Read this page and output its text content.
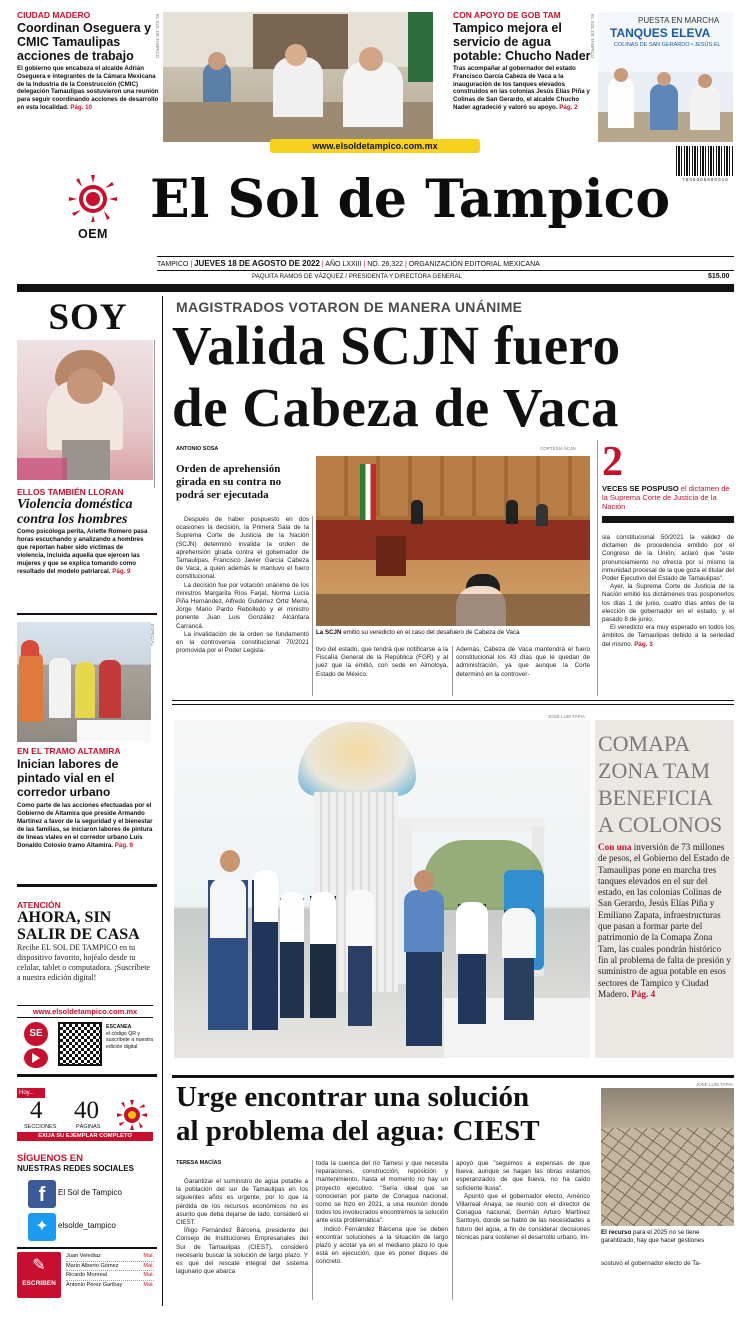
CIUDAD MADERO
Coordinan Oseguera y CMIC Tamaulipas acciones de trabajo
El gobierno que encabeza el alcalde Adrián Oseguera e integrantes de la Cámara Mexicana de la Industria de la Construcción (CMIC) delegación Tamaulipas sostuvieron una reunión para seguir coordinando acciones de desarrollo en esta localidad. Pág. 10
EL SOL DE TAMPICO	CON APOYO DE GOB TAM
Tampico mejora el servicio de agua potable: Chucho Nader
Tras acompañar al gobernador del estado Francisco García Cabeza de Vaca a la inauguración de los tanques elevados construidos en las colonias Jesús Elías Piña y Colinas de San Gerardo, el alcalde Chucho Nader agradeció y valoró su apoyo. Pág. 2
EL SOL DE TAMPICO	PUESTA EN MARCHA
TANQUES ELEVA
COLINAS DE SAN GERARDO • JESÚS EL
www.elsoldetampico.com.mx
7 5 0 6 0 0 6 9 9 0 0 1 0
OEM
El Sol de Tampico
TAMPICO | JUEVES 18 DE AGOSTO DE 2022 | AÑO LXXIII | NO. 26,322 | ORGANIZACIÓN EDITORIAL MEXICANA
PAQUITA RAMOS DE VÁZQUEZ / PRESIDENTA Y DIRECTORA GENERAL	$15.00
SOY
ELLOS TAMBIÉN LLORAN
Violencia doméstica contra los hombres
Como psicóloga perita, Ariette Romero pasa horas escuchando y analizando a hombres que reportan haber sido víctimas de violencia, incluida aquella que ejercen las mujeres y que se explica tomando como resultado del modelo patriarcal. Pág. 9
ESPECIAL
EN EL TRAMO ALTAMIRA
Inician labores de pintado vial en el corredor urbano
Como parte de las acciones efectuadas por el Gobierno de Altamira que preside Armando Martínez a favor de la seguridad y el bienestar de las familias, se iniciaron labores de pintura de líneas viales en el corredor urbano Luis Donaldo Colosio tramo Altamira. Pág. 9
ATENCIÓN
AHORA, SIN SALIR DE CASA
Recibe EL SOL DE TAMPICO en tu dispositivo favorito, hojéalo desde tu celular, tablet o computadora. ¡Suscríbete a nuestra edición digital!
www.elsoldetampico.com.mx
SE
ESCANEA
el código QR y suscríbete a nuestra edición digital
Hoy...
4
SECCIONES
40
PÁGINAS
EXIJA SU EJEMPLAR COMPLETO
SÍGUENOS EN
NUESTRAS REDES SOCIALES
f	El Sol de Tampico
✦	elsolde_tampico
✎
ESCRIBEN
Juan Velediaz	Mal.
Mario Alberto Gómez	Mal.
Ricardo Monreal	Mal.
Antonio Pérez Garibay	Mal.
MAGISTRADOS VOTARON DE MANERA UNÁNIME
Valida SCJN fuero
de Cabeza de Vaca
ANTONIO SOSA
Orden de aprehensión girada en su contra no podrá ser ejecutada

Después de haber pospuesto en dos ocasiones la decisión, la Primera Sala de la Suprema Corte de Justicia de la Nación (SCJN) determinó invalida la orden de aprehensión girada contra el gobernador de Tamaulipas, Francisco Javier García Cabeza de Vaca, a quien además le mantuvo el fuero constitucional.

La decisión fue por votación unánime de los ministros Margarita Ríos Farjat, Norma Lucía Piña Hernández, Alfredo Gutiérrez Ortiz Mena, Jorge Mario Pardo Rebolledo y el ministro ponente Juan Luis González Alcántara Carrancá.

La invalidación de la orden se fundamentó en la controversia constitucional 70/2021 promovida por el Poder Legisla-

CORTESÍA SCJN
La SCJN emitió su veredicto en el caso del desafuero de Cabeza de Vaca
tivo del estado, que tendrá que notificarse a la Fiscalía General de la República (FGR) y al juez que la emitió, con sede en Almoloya, Estado de México.
Además, Cabeza de Vaca mantendrá el fuero constitucional los 43 días que le quedan de administración, ya que aunque la Corte determinó en la controver-
2
VECES SE POSPUSO el dictamen de la Suprema Corte de Justicia de la Nación

sia constitucional 50/2021 la validez de dictamen de procedencia emitido por el Congreso de la Unión, aclaró que "este pronunciamiento no ofrecía por sí mismo la inmunidad procesal de la que goza el titular del Poder Ejecutivo del Estado de Tamaulipas".

Ayer, la Suprema Corte de Justicia de la Nación emitió los dictámenes tras posponerlos los días 1 de junio, cuatro días antes de la elección de gobernador en el estado, y el pasado 8 de junio.

El veredicto era muy esperado en todos los ámbitos de Tamaulipas debido a la seriedad del mismo. Pág. 3

JOSÉ LUIS TAPIA
COMAPA
ZONA TAM
BENEFICIA
A COLONOS
Con una inversión de 73 millones de pesos, el Gobierno del Estado de Tamaulipas pone en marcha tres tanques elevados en el sur del estado, en las colonias Colinas de San Gerardo, Jesús Elías Piña y Emiliano Zapata, infraestructuras que pasan a formar parte del patrimonio de la Comapa Zona Tam, las cuales pondrán histórico fin al problema de falta de presión y suministro de agua potable en esos sectores de Tampico y Ciudad Madero. Pág. 4
Urge encontrar una solución
al problema del agua: CIEST
TERESA MACÍAS

Garantizar el suministro de agua potable a la población del sur de Tamaulipas en los siguientes años es urgente, por lo que la pérdida de los recursos económicos no es asunto que deba dejarse de lado, consideró el CIEST.

Íñigo Fernández Bárcena, presidente del Consejo de Instituciones Empresariales del Sur de Tamaulipas (CIEST), consideró necesario buscar la solución de largo plazo. Y es que del rescate integral del sistema lagunario que abarca

toda la cuenca del río Tamesí y que necesita reparaciones, construcción, reposición y mantenimiento, hasta el momento no hay un proyecto ejecutivo. "Sería ideal que se conocieran por parte de Conagua nacional, como se hizo en 2021, a una reunión donde todos los involucrados encontremos la solución ante esta problemática".

Indicó Fernández Bárcena que se deben encontrar soluciones a la situación de largo plazo y acotar ya en el mediano plazo lo que está en ejecución, que es poner diques de concreto.

apoyó que "seguimos a expensas de que llueva, aunque se hagan las obras estamos esperanzados de que llueva, no ha caído suficiente lluvia".

Apuntó que el gobernador electo, Américo Villarreal Anaya, se reunió con el director de Conagua nacional, Germán Arturo Martínez Santoyo, donde se habló de las necesidades a futuro del agua, a fin de considerar decisiones técnicas para sostener el desarrollo urbano. Im-

JOSÉ LUIS TAPIA
El recurso para el 2025 no se tiene garantizado, hay que hacer gestiones
sostuvo el gobernador electo de Ta-
